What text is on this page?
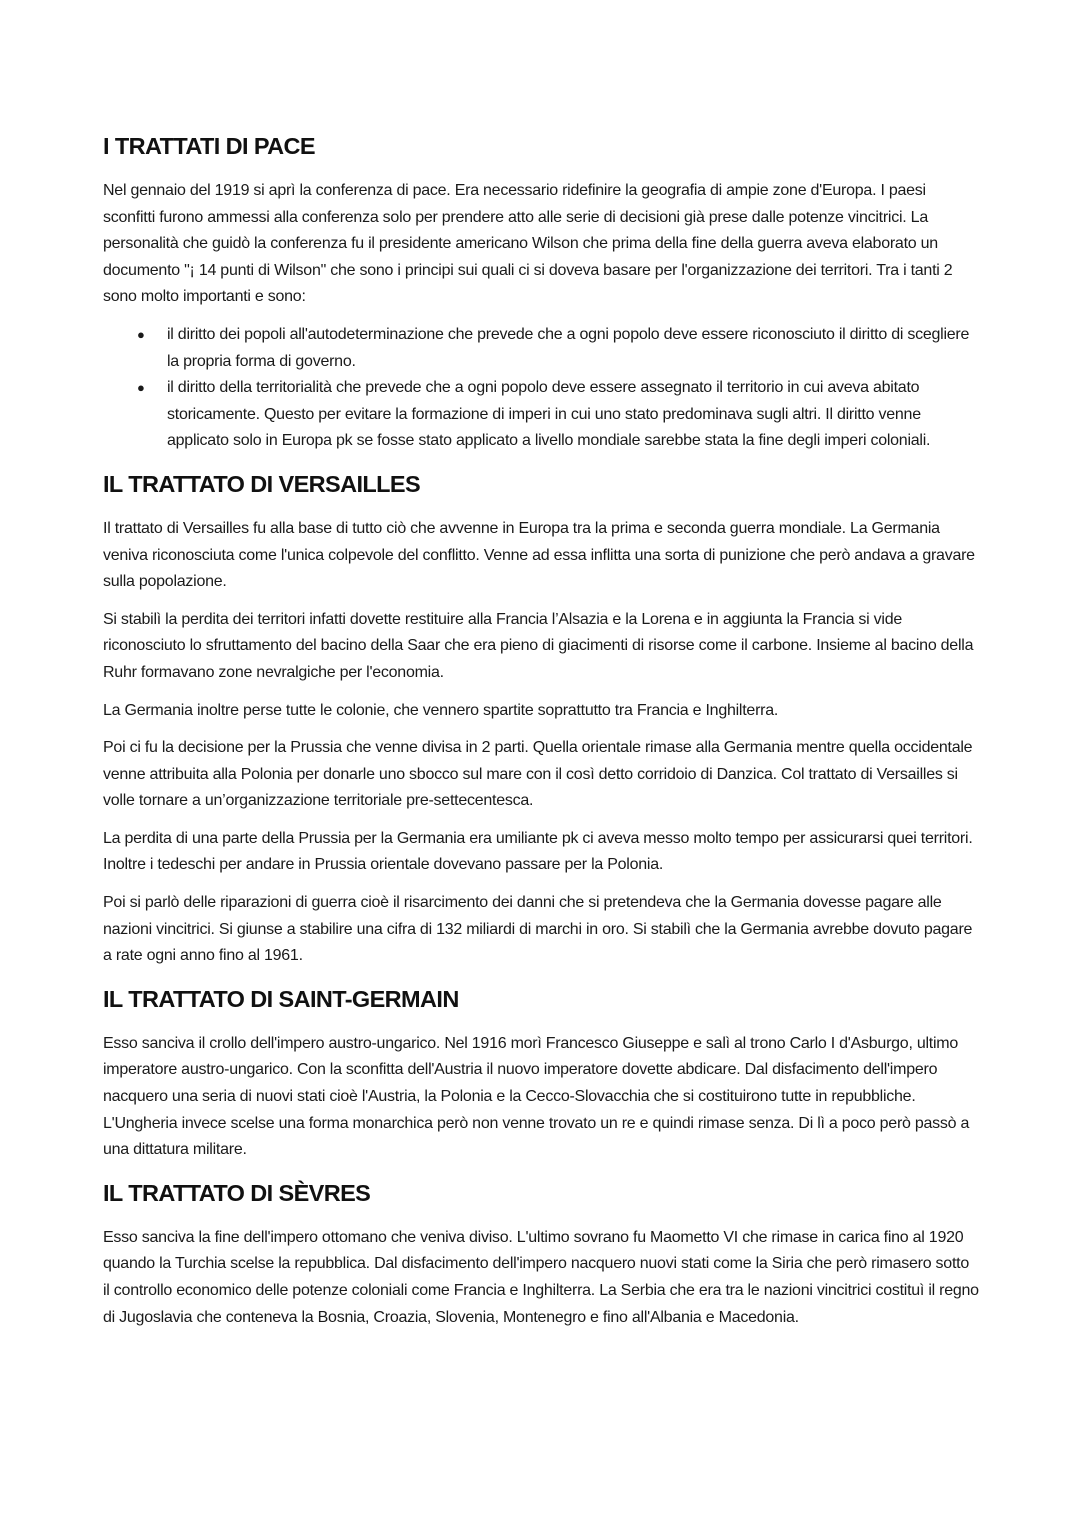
I TRATTATI DI PACE

Nel gennaio del 1919 si aprì la conferenza di pace. Era necessario ridefinire la geografia di ampie zone d'Europa. I paesi sconfitti furono ammessi alla conferenza solo per prendere atto alle serie di decisioni già prese dalle potenze vincitrici. La personalità che guidò la conferenza fu il presidente americano Wilson che prima della fine della guerra aveva elaborato un documento "¡ 14 punti di Wilson" che sono i principi sui quali ci si doveva basare per l'organizzazione dei territori. Tra i tanti 2 sono molto importanti e sono:

● il diritto dei popoli all'autodeterminazione che prevede che a ogni popolo deve essere riconosciuto il diritto di scegliere la propria forma di governo.
● il diritto della territorialità che prevede che a ogni popolo deve essere assegnato il territorio in cui aveva abitato storicamente. Questo per evitare la formazione di imperi in cui uno stato predominava sugli altri. Il diritto venne applicato solo in Europa pk se fosse stato applicato a livello mondiale sarebbe stata la fine degli imperi coloniali.
IL TRATTATO DI VERSAILLES

Il trattato di Versailles fu alla base di tutto ciò che avvenne in Europa tra la prima e seconda guerra mondiale. La Germania veniva riconosciuta come l'unica colpevole del conflitto. Venne ad essa inflitta una sorta di punizione che però andava a gravare sulla popolazione.

Si stabilì la perdita dei territori infatti dovette restituire alla Francia l’Alsazia e la Lorena e in aggiunta la Francia si vide riconosciuto lo sfruttamento del bacino della Saar che era pieno di giacimenti di risorse come il carbone. Insieme al bacino della Ruhr formavano zone nevralgiche per l'economia.

La Germania inoltre perse tutte le colonie, che vennero spartite soprattutto tra Francia e Inghilterra.

Poi ci fu la decisione per la Prussia che venne divisa in 2 parti. Quella orientale rimase alla Germania mentre quella occidentale venne attribuita alla Polonia per donarle uno sbocco sul mare con il così detto corridoio di Danzica. Col trattato di Versailles si volle tornare a un’organizzazione territoriale pre-settecentesca.

La perdita di una parte della Prussia per la Germania era umiliante pk ci aveva messo molto tempo per assicurarsi quei territori. Inoltre i tedeschi per andare in Prussia orientale dovevano passare per la Polonia.

Poi si parlò delle riparazioni di guerra cioè il risarcimento dei danni che si pretendeva che la Germania dovesse pagare alle nazioni vincitrici. Si giunse a stabilire una cifra di 132 miliardi di marchi in oro. Si stabilì che la Germania avrebbe dovuto pagare a rate ogni anno fino al 1961.

IL TRATTATO DI SAINT-GERMAIN

Esso sanciva il crollo dell'impero austro-ungarico. Nel 1916 morì Francesco Giuseppe e salì al trono Carlo I d'Asburgo, ultimo imperatore austro-ungarico. Con la sconfitta dell'Austria il nuovo imperatore dovette abdicare. Dal disfacimento dell'impero nacquero una seria di nuovi stati cioè l'Austria, la Polonia e la Cecco-Slovacchia che si costituirono tutte in repubbliche. L'Ungheria invece scelse una forma monarchica però non venne trovato un re e quindi rimase senza. Di lì a poco però passò a una dittatura militare.

IL TRATTATO DI SÈVRES

Esso sanciva la fine dell'impero ottomano che veniva diviso. L'ultimo sovrano fu Maometto VI che rimase in carica fino al 1920 quando la Turchia scelse la repubblica. Dal disfacimento dell'impero nacquero nuovi stati come la Siria che però rimasero sotto il controllo economico delle potenze coloniali come Francia e Inghilterra. La Serbia che era tra le nazioni vincitrici costituì il regno di Jugoslavia che conteneva la Bosnia, Croazia, Slovenia, Montenegro e fino all'Albania e Macedonia.
